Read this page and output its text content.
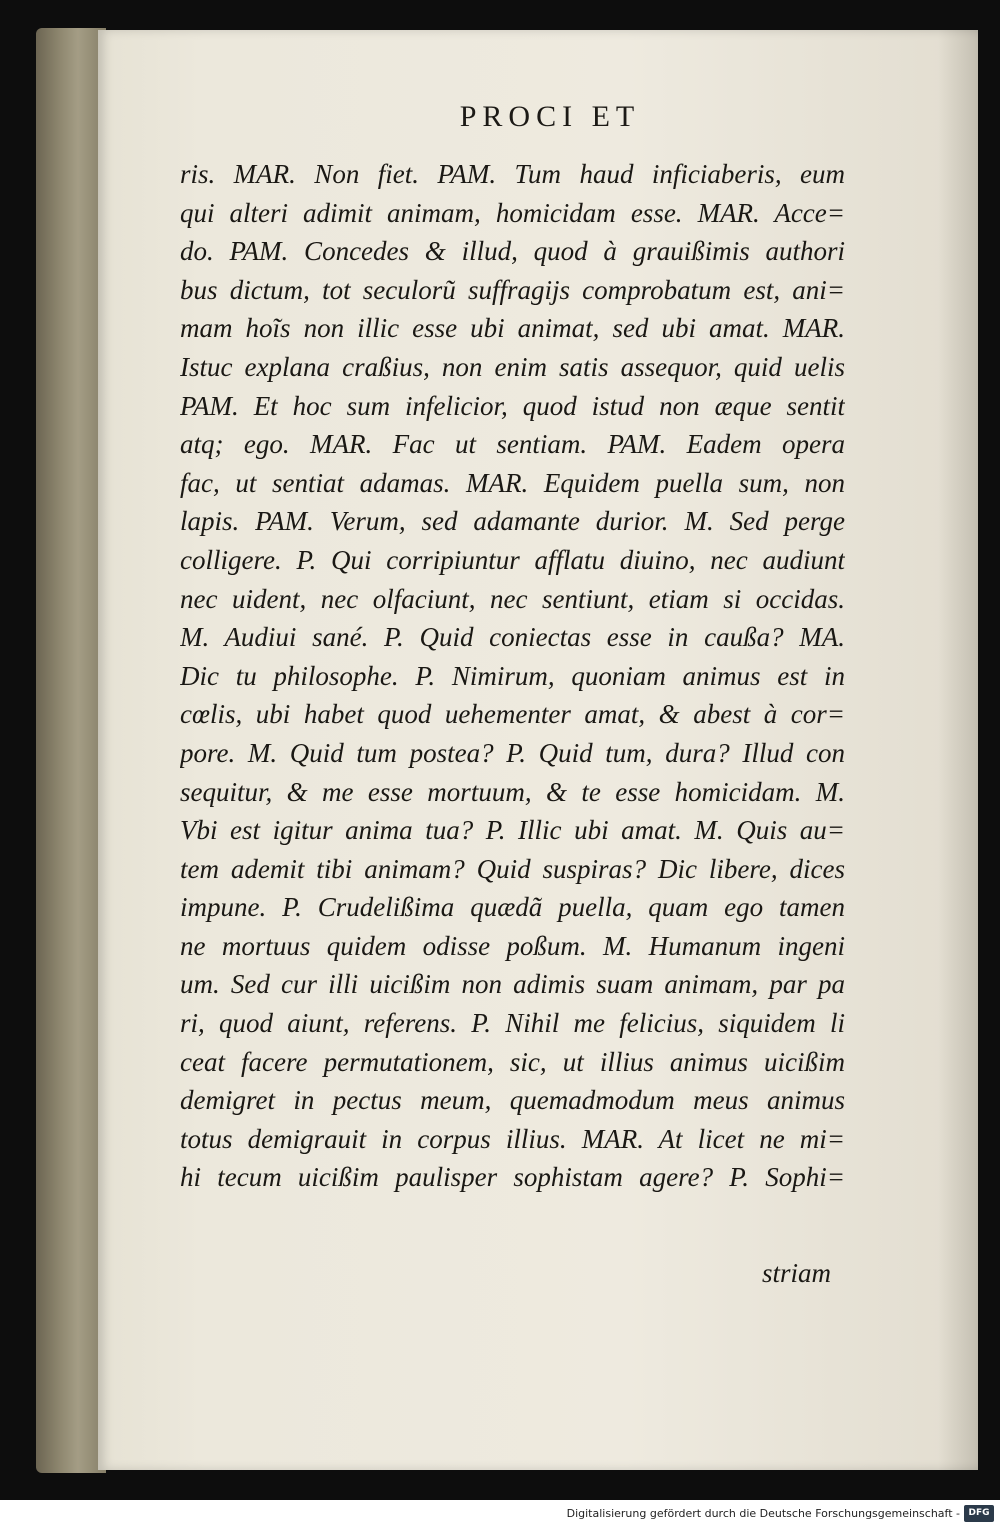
PROCI ET
ris. MAR. Non fiet. PAM. Tum haud inficiaberis, eum
qui alteri adimit animam, homicidam esse. MAR. Acce=
do. PAM. Concedes & illud, quod à grauißimis authori
bus dictum, tot seculorũ suffragijs comprobatum est, ani=
mam hoĩs non illic esse ubi animat, sed ubi amat. MAR.
Istuc explana craßius, non enim satis assequor, quid uelis
PAM. Et hoc sum infelicior, quod istud non æque sentit
atq; ego. MAR. Fac ut sentiam. PAM. Eadem opera
fac, ut sentiat adamas. MAR. Equidem puella sum, non
lapis. PAM. Verum, sed adamante durior. M. Sed perge
colligere. P. Qui corripiuntur afflatu diuino, nec audiunt
nec uident, nec olfaciunt, nec sentiunt, etiam si occidas.
M. Audiui sané. P. Quid coniectas esse in caußa? MA.
Dic tu philosophe. P. Nimirum, quoniam animus est in
cœlis, ubi habet quod uehementer amat, & abest à cor=
pore. M. Quid tum postea? P. Quid tum, dura? Illud con
sequitur, & me esse mortuum, & te esse homicidam. M.
Vbi est igitur anima tua? P. Illic ubi amat. M. Quis au=
tem ademit tibi animam? Quid suspiras? Dic libere, dices
impune. P. Crudelißima quædã puella, quam ego tamen
ne mortuus quidem odisse poßum. M. Humanum ingeni
um. Sed cur illi uicißim non adimis suam animam, par pa
ri, quod aiunt, referens. P. Nihil me felicius, siquidem li
ceat facere permutationem, sic, ut illius animus uicißim
demigret in pectus meum, quemadmodum meus animus
totus demigrauit in corpus illius. MAR. At licet ne mi=
hi tecum uicißim paulisper sophistam agere? P. Sophi=
striam
Digitalisierung gefördert durch die Deutsche Forschungsgemeinschaft - DFG
